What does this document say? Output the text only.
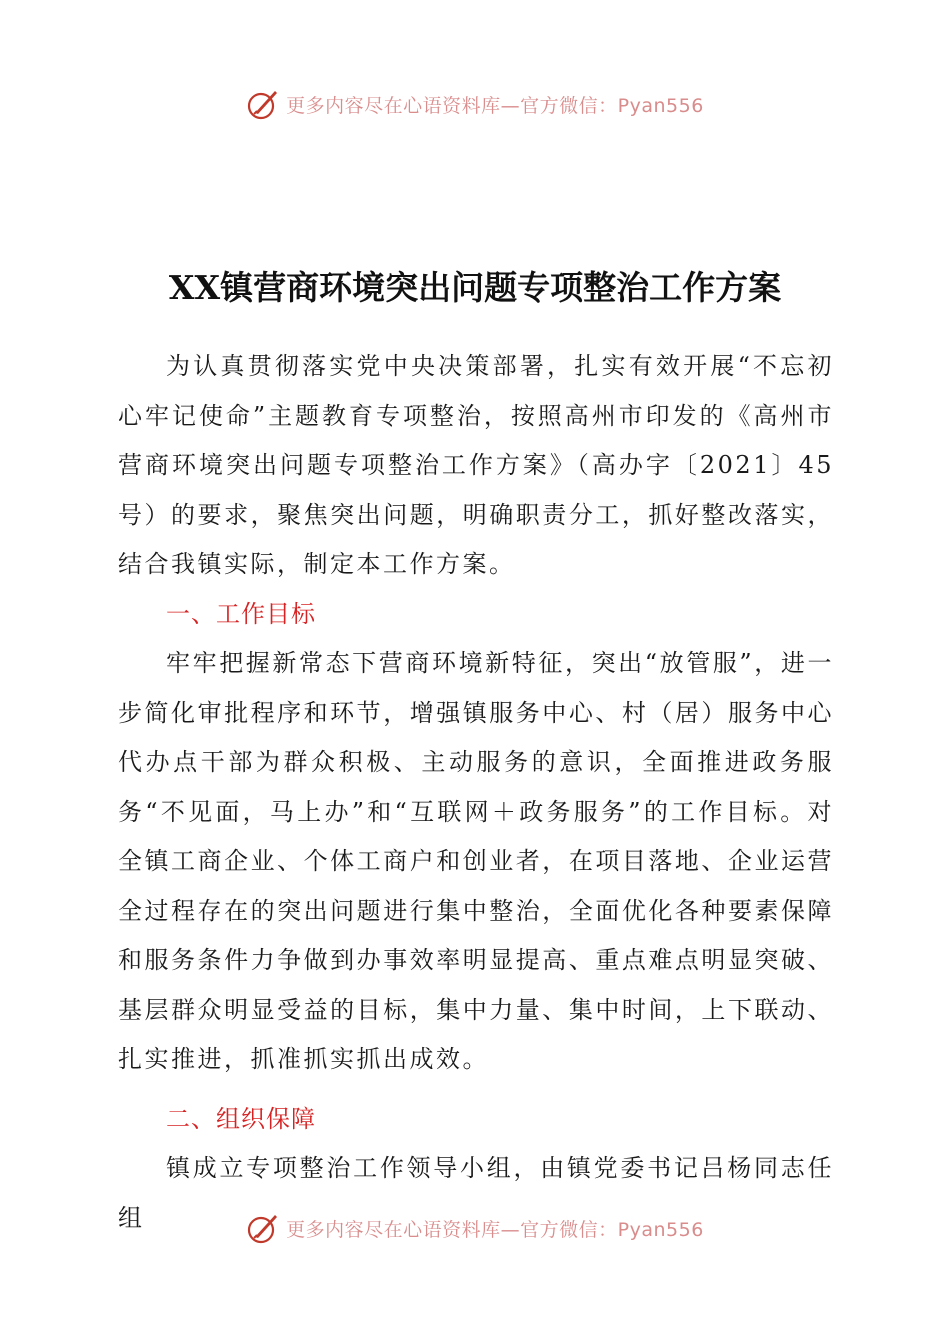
更多内容尽在心语资料库—官方微信：Pyan556
XX镇营商环境突出问题专项整治工作方案

为认真贯彻落实党中央决策部署，扎实有效开展“不忘初心牢记使命”主题教育专项整治，按照高州市印发的《高州市营商环境突出问题专项整治工作方案》（高办字〔2021〕45号）的要求，聚焦突出问题，明确职责分工，抓好整改落实，结合我镇实际，制定本工作方案。

一、工作目标

牢牢把握新常态下营商环境新特征，突出“放管服”，进一步简化审批程序和环节，增强镇服务中心、村（居）服务中心代办点干部为群众积极、主动服务的意识，全面推进政务服务“不见面，马上办”和“互联网＋政务服务”的工作目标。对全镇工商企业、个体工商户和创业者，在项目落地、企业运营全过程存在的突出问题进行集中整治，全面优化各种要素保障和服务条件力争做到办事效率明显提高、重点难点明显突破、基层群众明显受益的目标，集中力量、集中时间，上下联动、扎实推进，抓准抓实抓出成效。

二、组织保障

镇成立专项整治工作领导小组，由镇党委书记吕杨同志任组	更多内容尽在心语资料库—官方微信：Pyan556
